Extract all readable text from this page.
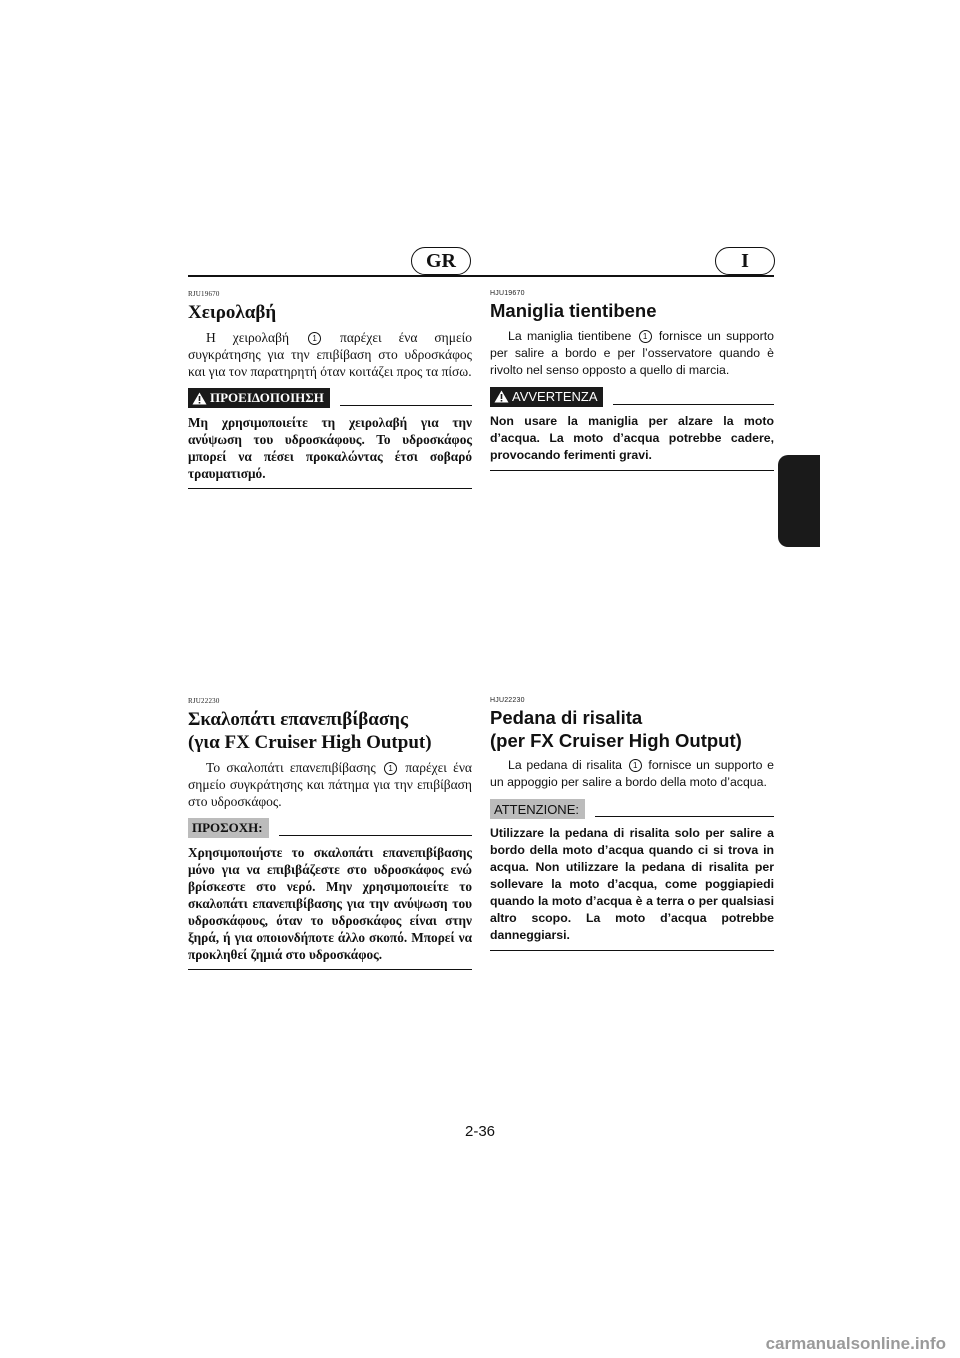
GR	I

RJU19670

Χειρολαβή

Η χειρολαβή	1 παρέχει ένα σημείο συγκράτησης για την επιβίβαση στο υδροσκάφος και για τον παρατηρητή όταν κοιτάζει προς τα πίσω.

ΠΡΟΕΙΔΟΠΟΙΗΣΗ

Μη χρησιμοποιείτε τη χειρολαβή για την ανύψωση του υδροσκάφους. Το υδροσκάφος μπορεί να πέσει προκαλώντας έτσι σοβαρό τραυματισμό.

HJU19670

Maniglia tientibene

La maniglia tientibene 1 fornisce un supporto per salire a bordo e per l’osservatore quando è rivolto nel senso opposto a quello di marcia.

AVVERTENZA

Non usare la maniglia per alzare la moto d’acqua. La moto d’acqua potrebbe cadere, provocando ferimenti gravi.

RJU22230

Σκαλοπάτι επανεπιβίβασης
(για FX Cruiser High Output)

Το σκαλοπάτι επανεπιβίβασης 1 παρέχει ένα σημείο συγκράτησης και πάτημα για την επιβίβαση στο υδροσκάφος.

ΠΡΟΣΟΧΗ:

Χρησιμοποιήστε το σκαλοπάτι επανεπιβίβασης μόνο για να επιβιβάζεστε στο υδροσκάφος ενώ βρίσκεστε στο νερό. Μην χρησιμοποιείτε το σκαλοπάτι επανεπιβίβασης για την ανύψωση του υδροσκάφους, όταν το υδροσκάφος είναι στην ξηρά, ή για οποιονδήποτε άλλο σκοπό. Μπορεί να προκληθεί ζημιά στο υδροσκάφος.

HJU22230

Pedana di risalita
(per FX Cruiser High Output)

La pedana di risalita 1 fornisce un supporto e un appoggio per salire a bordo della moto d’acqua.

ATTENZIONE:

Utilizzare la pedana di risalita solo per salire a bordo della moto d’acqua quando ci si trova in acqua. Non utilizzare la pedana di risalita per sollevare la moto d’acqua, come poggiapiedi quando la moto d’acqua è a terra o per qualsiasi altro scopo. La moto d’acqua potrebbe danneggiarsi.

2-36
carmanualsonline.info
